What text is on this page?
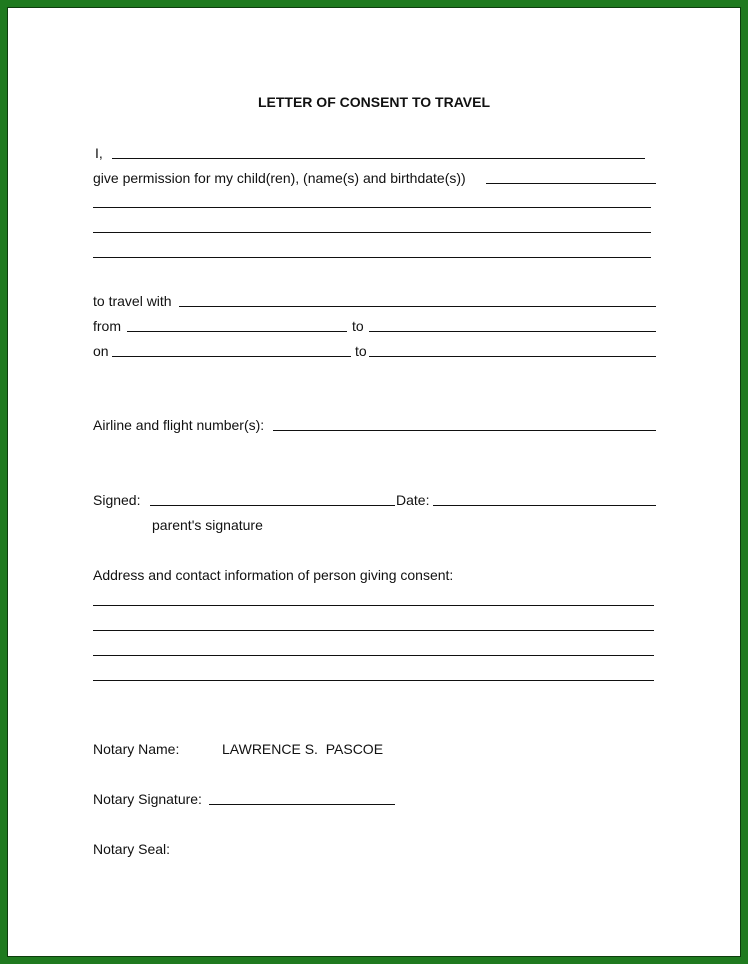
LETTER OF CONSENT TO TRAVEL
I,
give permission for my child(ren), (name(s) and birthdate(s))
to travel with
from	to
on	to
Airline and flight number(s):
Signed:	Date:
parent's signature
Address and contact information of person giving consent:
Notary Name:	LAWRENCE S.  PASCOE
Notary Signature:
Notary Seal:
